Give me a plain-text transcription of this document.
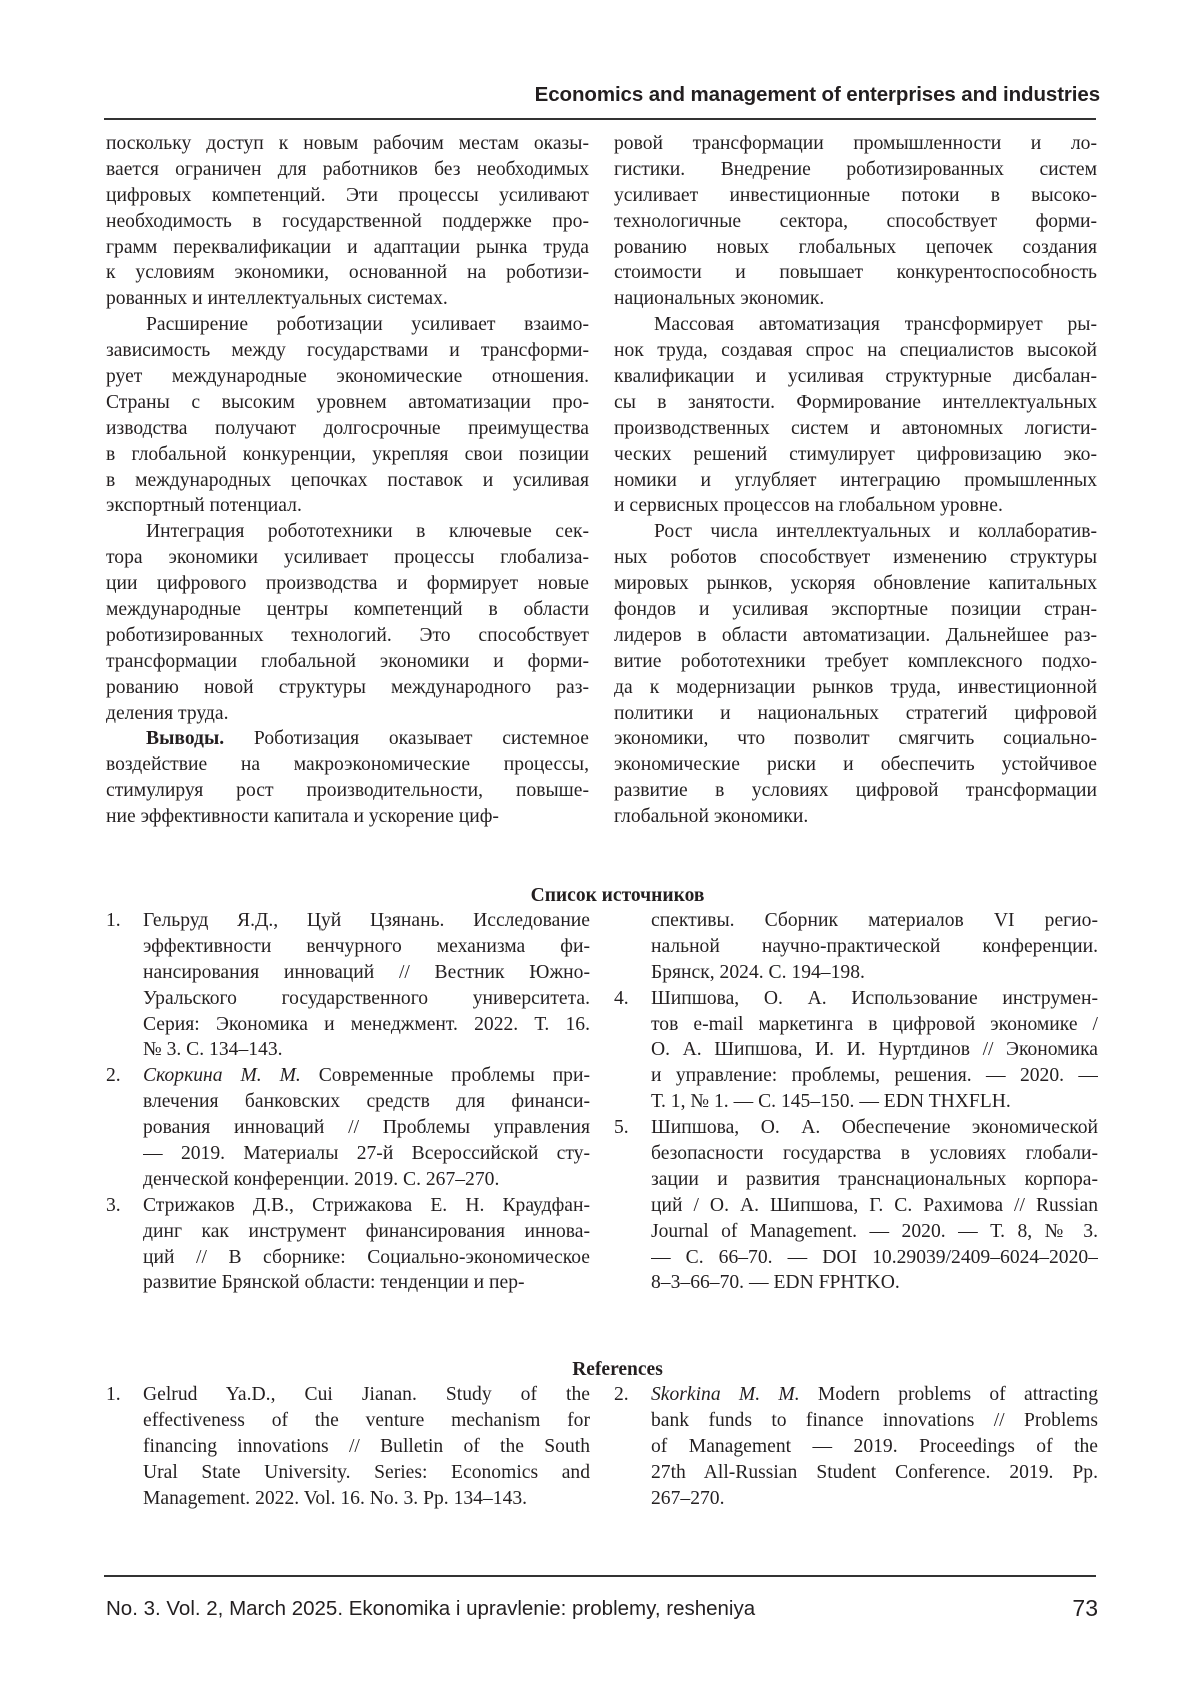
Economics and management of enterprises and industries
поскольку доступ к новым рабочим местам оказы-
вается ограничен для работников без необходимых
цифровых компетенций. Эти процессы усиливают
необходимость в государственной поддержке про-
грамм переквалификации и адаптации рынка труда
к условиям экономики, основанной на роботизи-
рованных и интеллектуальных системах.
Расширение роботизации усиливает взаимо-
зависимость между государствами и трансформи-
рует международные экономические отношения.
Страны с высоким уровнем автоматизации про-
изводства получают долгосрочные преимущества
в глобальной конкуренции, укрепляя свои позиции
в международных цепочках поставок и усиливая
экспортный потенциал.
Интеграция робототехники в ключевые сек-
тора экономики усиливает процессы глобализа-
ции цифрового производства и формирует новые
международные центры компетенций в области
роботизированных технологий. Это способствует
трансформации глобальной экономики и форми-
рованию новой структуры международного раз-
деления труда.
Выводы. Роботизация оказывает системное
воздействие на макроэкономические процессы,
стимулируя рост производительности, повыше-
ние эффективности капитала и ускорение циф-
ровой трансформации промышленности и ло-
гистики. Внедрение роботизированных систем
усиливает инвестиционные потоки в высоко-
технологичные сектора, способствует форми-
рованию новых глобальных цепочек создания
стоимости и повышает конкурентоспособность
национальных экономик.
Массовая автоматизация трансформирует ры-
нок труда, создавая спрос на специалистов высокой
квалификации и усиливая структурные дисбалан-
сы в занятости. Формирование интеллектуальных
производственных систем и автономных логисти-
ческих решений стимулирует цифровизацию эко-
номики и углубляет интеграцию промышленных
и сервисных процессов на глобальном уровне.
Рост числа интеллектуальных и коллаборатив-
ных роботов способствует изменению структуры
мировых рынков, ускоряя обновление капитальных
фондов и усиливая экспортные позиции стран-
лидеров в области автоматизации. Дальнейшее раз-
витие робототехники требует комплексного подхо-
да к модернизации рынков труда, инвестиционной
политики и национальных стратегий цифровой
экономики, что позволит смягчить социально-
экономические риски и обеспечить устойчивое
развитие в условиях цифровой трансформации
глобальной экономики.
Список источников
1. Гельруд Я.Д., Цуй Цзянань. Исследование
эффективности венчурного механизма фи-
нансирования инноваций // Вестник Южно-
Уральского государственного университета.
Серия: Экономика и менеджмент. 2022. Т. 16.
№ 3. С. 134–143.
2. Скоркина М. М. Современные проблемы при-
влечения банковских средств для финанси-
рования инноваций // Проблемы управления
— 2019. Материалы 27-й Всероссийской сту-
денческой конференции. 2019. С. 267–270.
3. Стрижаков Д.В., Стрижакова Е. Н. Краудфан-
динг как инструмент финансирования иннова-
ций // В сборнике: Социально-экономическое
развитие Брянской области: тенденции и пер-
спективы. Сборник материалов VI регио-
нальной научно-практической конференции.
Брянск, 2024. С. 194–198.
4. Шипшова, О. А. Использование инструмен-
тов e-mail маркетинга в цифровой экономике /
О. А. Шипшова, И. И. Нуртдинов // Экономика
и управление: проблемы, решения. — 2020. —
Т. 1, № 1. — С. 145–150. — EDN THXFLH.
5. Шипшова, О. А. Обеспечение экономической
безопасности государства в условиях глобали-
зации и развития транснациональных корпора-
ций / О. А. Шипшова, Г. С. Рахимова // Russian
Journal of Management. — 2020. — Т. 8, № 3.
— С. 66–70. — DOI 10.29039/2409–6024–2020–
8–3–66–70. — EDN FPHTKO.
References
1. Gelrud Ya.D., Cui Jianan. Study of the
effectiveness of the venture mechanism for
financing innovations // Bulletin of the South
Ural State University. Series: Economics and
Management. 2022. Vol. 16. No. 3. Pp. 134–143.
2. Skorkina M. M. Modern problems of attracting
bank funds to finance innovations // Problems
of Management — 2019. Proceedings of the
27th All-Russian Student Conference. 2019. Pp.
267–270.
No. 3. Vol. 2, March 2025. Ekonomika i upravlenie: problemy, resheniya	73
